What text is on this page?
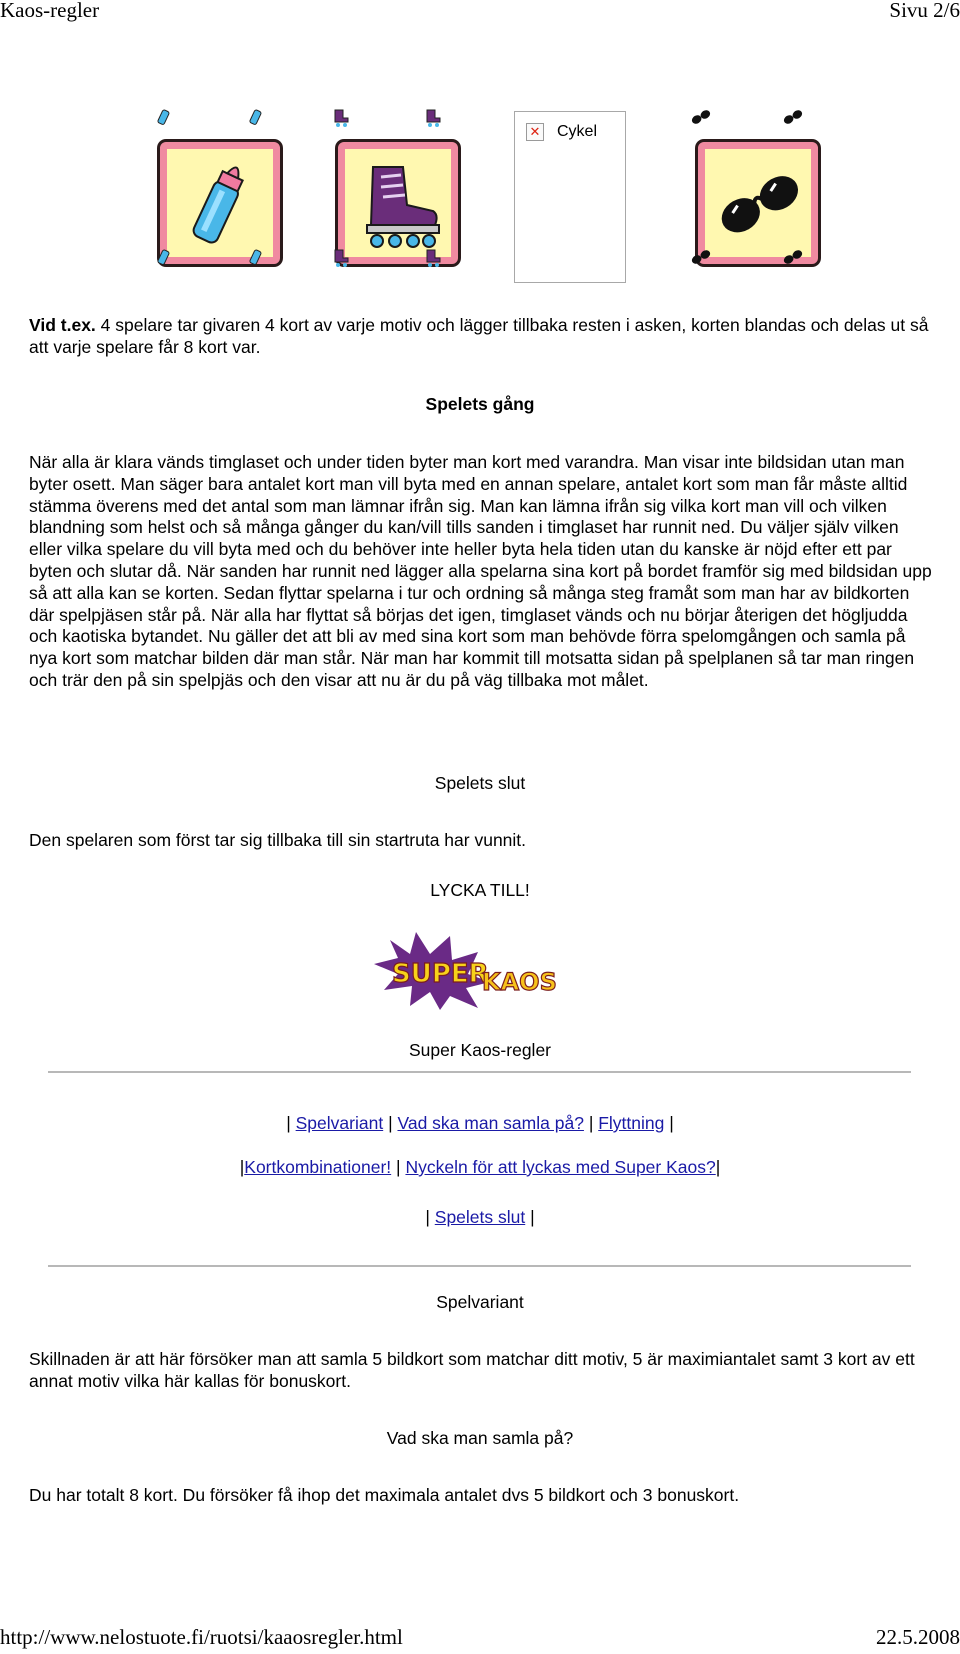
Kaos-regler	Sivu 2/6
✕ Cykel
Vid t.ex. 4 spelare tar givaren 4 kort av varje motiv och lägger tillbaka resten i asken, korten blandas och delas ut så att varje spelare får 8 kort var.
Spelets gång
När alla är klara vänds timglaset och under tiden byter man kort med varandra. Man visar inte bildsidan utan man byter osett. Man säger bara antalet kort man vill byta med en annan spelare, antalet kort som man får måste alltid stämma överens med det antal som man lämnar ifrån sig. Man kan lämna ifrån sig vilka kort man vill och vilken blandning som helst och så många gånger du kan/vill tills sanden i timglaset har runnit ned. Du väljer själv vilken eller vilka spelare du vill byta med och du behöver inte heller byta hela tiden utan du kanske är nöjd efter ett par byten och slutar då. När sanden har runnit ned lägger alla spelarna sina kort på bordet framför sig med bildsidan upp så att alla kan se korten. Sedan flyttar spelarna i tur och ordning så många steg framåt som man har av bildkorten där spelpjäsen står på. När alla har flyttat så börjas det igen, timglaset vänds och nu börjar återigen det högljudda och kaotiska bytandet. Nu gäller det att bli av med sina kort som man behövde förra spelomgången och samla på nya kort som matchar bilden där man står. När man har kommit till motsatta sidan på spelplanen så tar man ringen och trär den på sin spelpjäs och den visar att nu är du på väg tillbaka mot målet.
Spelets slut
Den spelaren som först tar sig tillbaka till sin startruta har vunnit.
LYCKA TILL!
SUPER
KAOS
Super Kaos-regler
| Spelvariant | Vad ska man samla på? | Flyttning |
|Kortkombinationer! | Nyckeln för att lyckas med Super Kaos?|
| Spelets slut |
Spelvariant
Skillnaden är att här försöker man att samla 5 bildkort som matchar ditt motiv, 5 är maximiantalet samt 3 kort av ett annat motiv vilka här kallas för bonuskort.
Vad ska man samla på?
Du har totalt 8 kort. Du försöker få ihop det maximala antalet dvs 5 bildkort och 3 bonuskort.
http://www.nelostuote.fi/ruotsi/kaaosregler.html	22.5.2008
